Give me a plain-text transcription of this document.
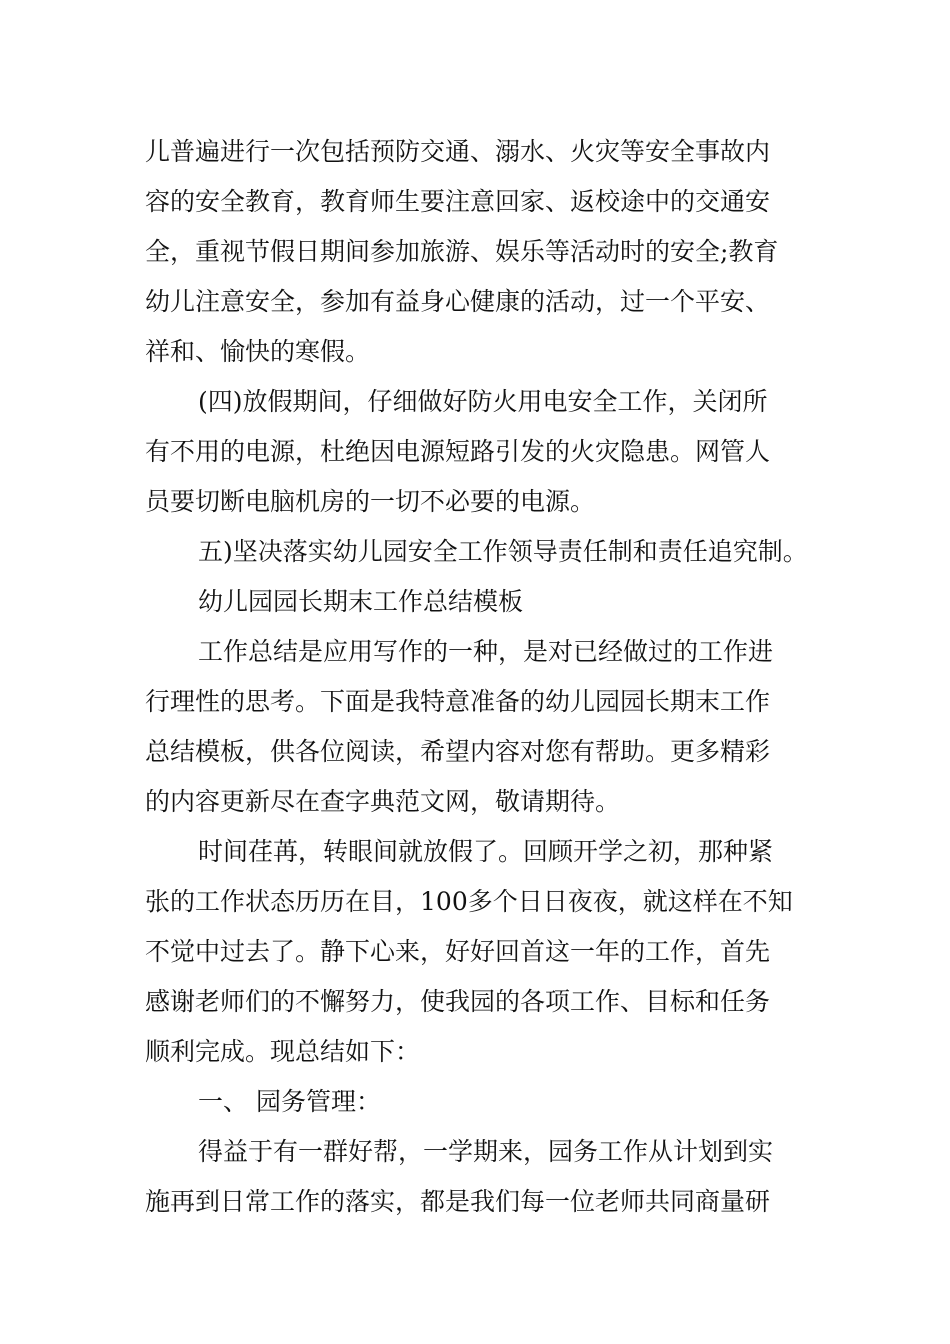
儿普遍进行一次包括预防交通、溺水、火灾等安全事故内
容的安全教育，教育师生要注意回家、返校途中的交通安
全，重视节假日期间参加旅游、娱乐等活动时的安全;教育
幼儿注意安全，参加有益身心健康的活动，过一个平安、
祥和、愉快的寒假。
(四)放假期间，仔细做好防火用电安全工作，关闭所
有不用的电源，杜绝因电源短路引发的火灾隐患。网管人
员要切断电脑机房的一切不必要的电源。
五)坚决落实幼儿园安全工作领导责任制和责任追究制。
幼儿园园长期末工作总结模板
工作总结是应用写作的一种，是对已经做过的工作进
行理性的思考。下面是我特意准备的幼儿园园长期末工作
总结模板，供各位阅读，希望内容对您有帮助。更多精彩
的内容更新尽在查字典范文网，敬请期待。
时间荏苒，转眼间就放假了。回顾开学之初，那种紧
张的工作状态历历在目，100多个日日夜夜，就这样在不知
不觉中过去了。静下心来，好好回首这一年的工作，首先
感谢老师们的不懈努力，使我园的各项工作、目标和任务
顺利完成。现总结如下：
一、 园务管理：
得益于有一群好帮，一学期来，园务工作从计划到实
施再到日常工作的落实，都是我们每一位老师共同商量研
